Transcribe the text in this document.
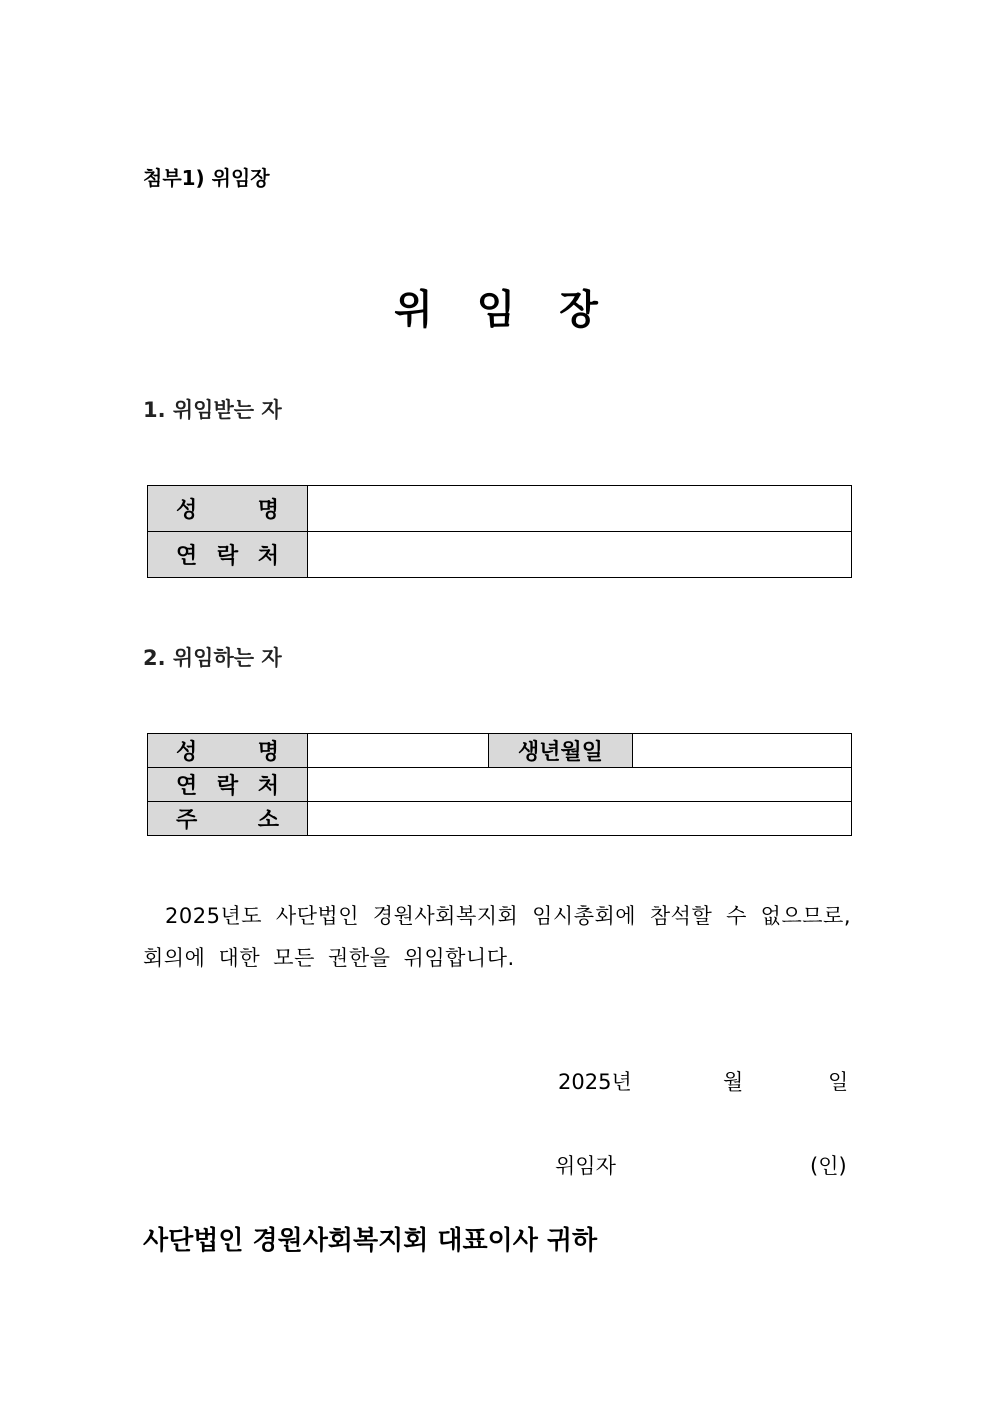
첨부1) 위임장
위 임 장
1. 위임받는 자
성 명	

연 락 처	

2. 위임하는 자
성 명		생년월일	

연 락 처			

주 소			

2025년도 사단법인 경원사회복지회 임시총회에 참석할 수 없으므로, 회의에 대한 모든 권한을 위임합니다.
2025년	월	일
위임자	(인)
사단법인 경원사회복지회 대표이사 귀하
